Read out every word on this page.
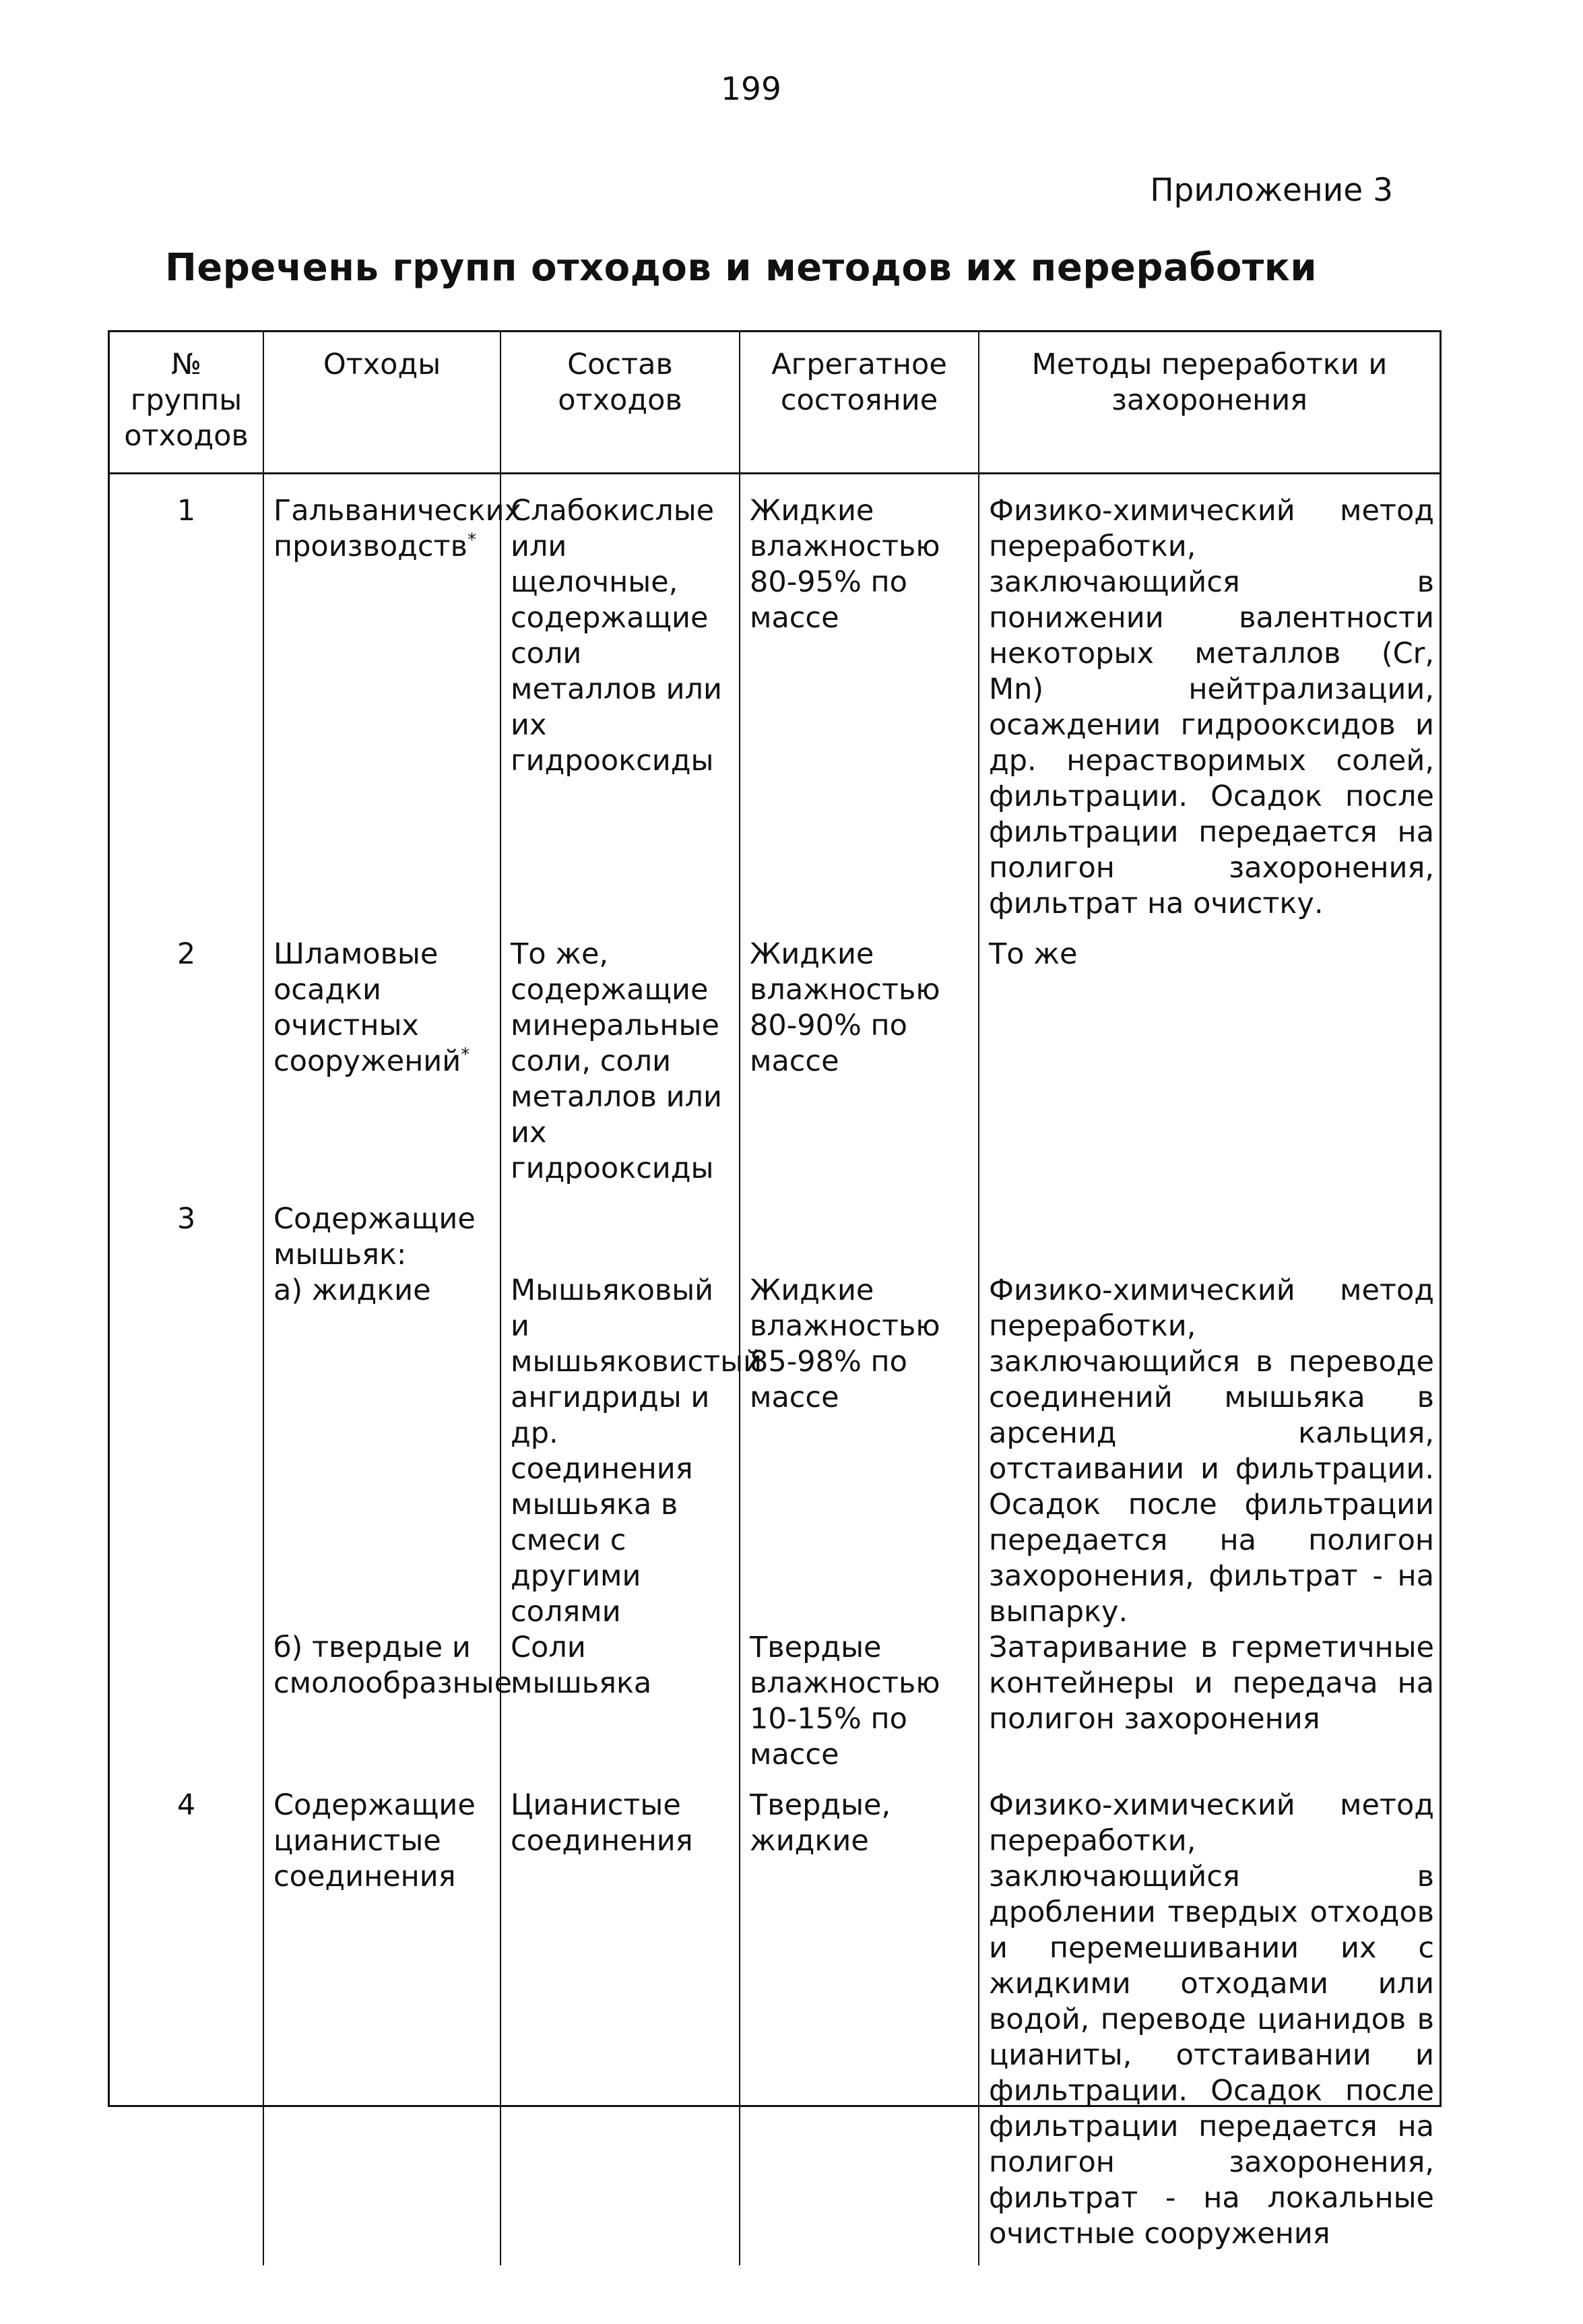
199
Приложение 3
Перечень групп отходов и методов их переработки
№ группы отходов	Отходы	Состав отходов	Агрегатное состояние	Методы переработки и захоронения
1	Гальваничеcких производств*	Слабокислые или щелочные, содержащие соли металлов или их гидрооксиды	Жидкие влажностью 80-95% по массе	Физико-химический метод переработки, заключающийся в понижении валентности некоторых металлов (Cr, Mn) нейтрализации, осаждении гидрооксидов и др. нерастворимых солей, фильтрации. Осадок после фильтрации передается на полигон захоронения, фильтрат на очистку.
2	Шламовые осадки очистных сооружений*	То же, содержащие минеральные соли, соли металлов или их гидрооксиды	Жидкие влажностью 80-90% по массе	То же
3	Содержащие мышьяк:			
	а) жидкие	Мышьяковый и мышьяковистый ангидриды и др. соединения мышьяка в смеси с другими солями	Жидкие влажностью 85-98% по массе	Физико-химический метод переработки, заключающийся в переводе соединений мышьяка в арсенид кальция, отстаивании и фильтрации. Осадок после фильтрации передается на полигон захоронения, фильтрат - на выпарку.
	б) твердые и смолообразные	Соли мышьяка	Твердые влажностью 10-15% по массе	Затаривание в герметичные контейнеры и передача на полигон захоронения
4	Содержащие цианистые соединения	Цианистые соединения	Твердые, жидкие	Физико-химический метод переработки, заключающийся в дроблении твердых отходов и перемешивании их с жидкими отходами или водой, переводе цианидов в цианиты, отстаивании и фильтрации. Осадок после фильтрации передается на полигон захоронения, фильтрат - на локальные очистные сооружения
